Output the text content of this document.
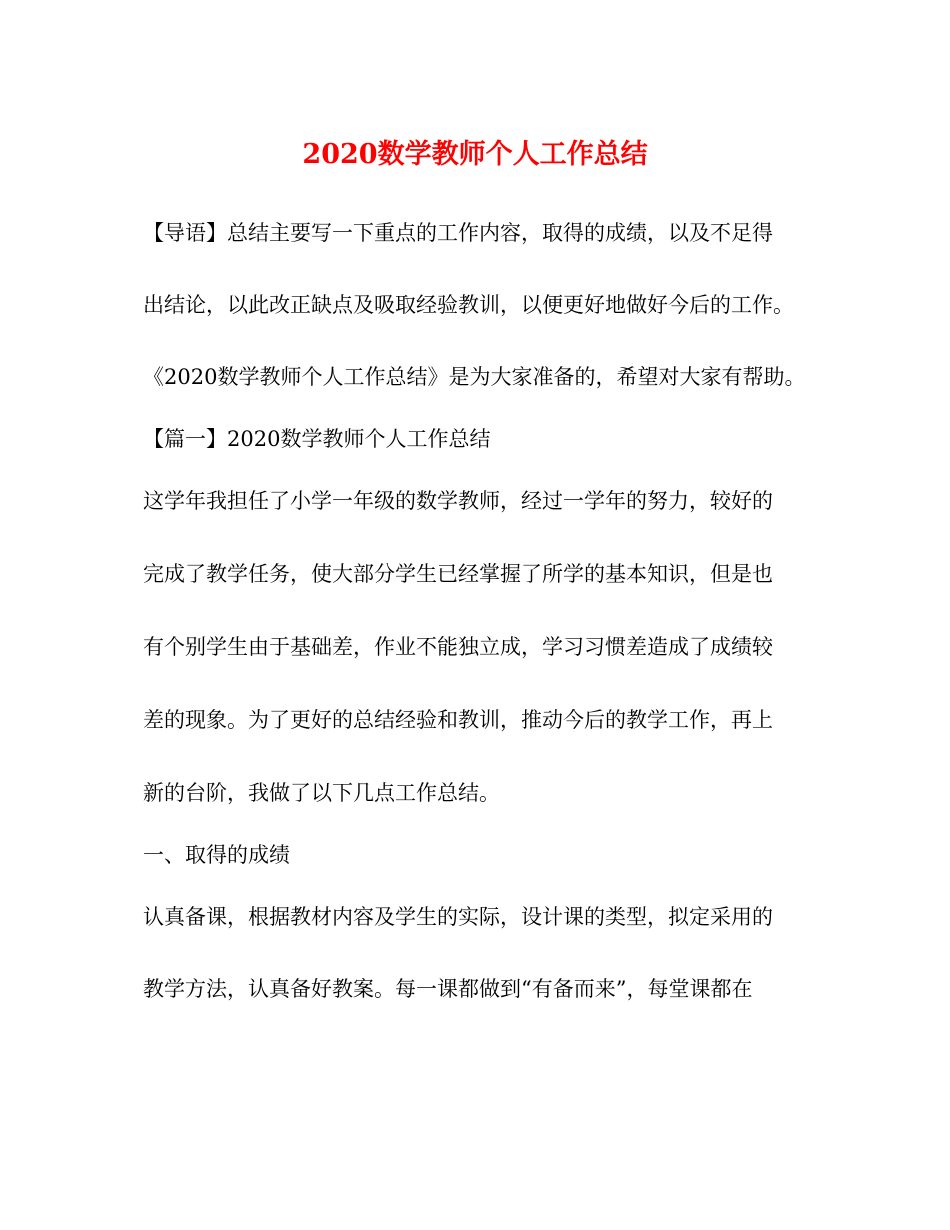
2020数学教师个人工作总结
【导语】总结主要写一下重点的工作内容，取得的成绩，以及不足得
出结论，以此改正缺点及吸取经验教训，以便更好地做好今后的工作。
《2020数学教师个人工作总结》是为大家准备的，希望对大家有帮助。
【篇一】2020数学教师个人工作总结
这学年我担任了小学一年级的数学教师，经过一学年的努力，较好的
完成了教学任务，使大部分学生已经掌握了所学的基本知识，但是也
有个别学生由于基础差，作业不能独立成，学习习惯差造成了成绩较
差的现象。为了更好的总结经验和教训，推动今后的教学工作，再上
新的台阶，我做了以下几点工作总结。
一、取得的成绩
认真备课，根据教材内容及学生的实际，设计课的类型，拟定采用的
教学方法，认真备好教案。每一课都做到“有备而来”，每堂课都在
